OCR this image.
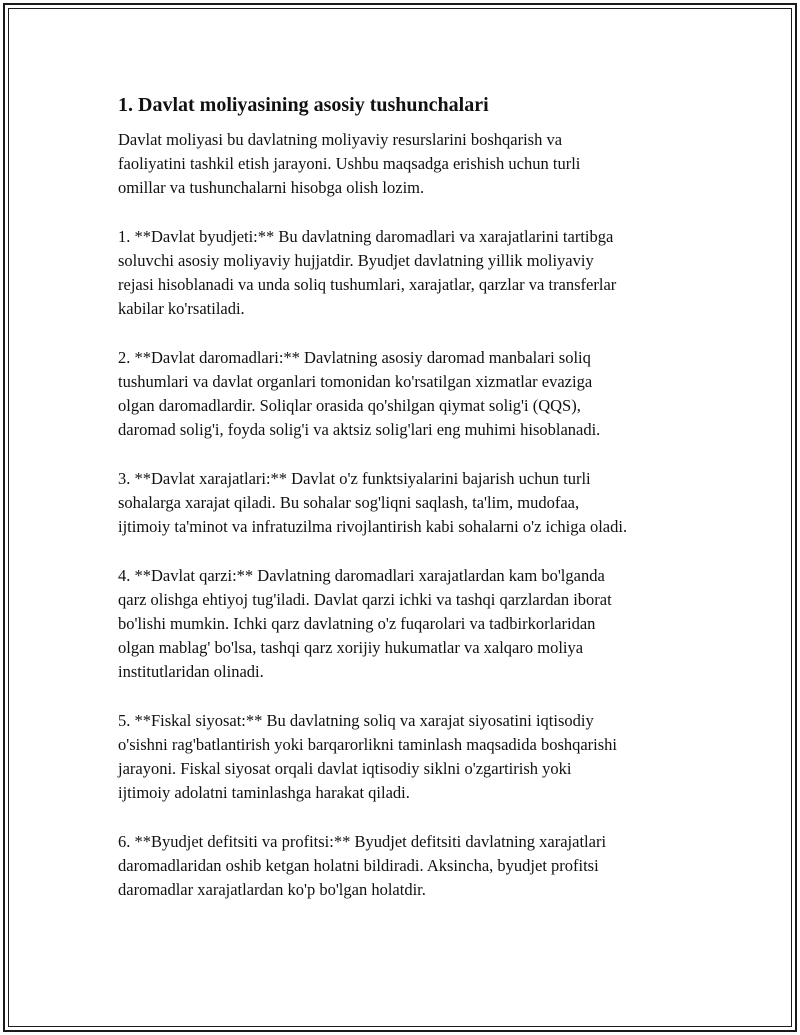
1. Davlat moliyasining asosiy tushunchalari
Davlat moliyasi bu davlatning moliyaviy resurslarini boshqarish va
faoliyatini tashkil etish jarayoni. Ushbu maqsadga erishish uchun turli
omillar va tushunchalarni hisobga olish lozim.
1. **Davlat byudjeti:** Bu davlatning daromadlari va xarajatlarini tartibga
soluvchi asosiy moliyaviy hujjatdir. Byudjet davlatning yillik moliyaviy
rejasi hisoblanadi va unda soliq tushumlari, xarajatlar, qarzlar va transferlar
kabilar ko'rsatiladi.
2. **Davlat daromadlari:** Davlatning asosiy daromad manbalari soliq
tushumlari va davlat organlari tomonidan ko'rsatilgan xizmatlar evaziga
olgan daromadlardir. Soliqlar orasida qo'shilgan qiymat solig'i (QQS),
daromad solig'i, foyda solig'i va aktsiz solig'lari eng muhimi hisoblanadi.
3. **Davlat xarajatlari:** Davlat o'z funktsiyalarini bajarish uchun turli
sohalarga xarajat qiladi. Bu sohalar sog'liqni saqlash, ta'lim, mudofaa,
ijtimoiy ta'minot va infratuzilma rivojlantirish kabi sohalarni o'z ichiga oladi.
4. **Davlat qarzi:** Davlatning daromadlari xarajatlardan kam bo'lganda
qarz olishga ehtiyoj tug'iladi. Davlat qarzi ichki va tashqi qarzlardan iborat
bo'lishi mumkin. Ichki qarz davlatning o'z fuqarolari va tadbirkorlaridan
olgan mablag' bo'lsa, tashqi qarz xorijiy hukumatlar va xalqaro moliya
institutlaridan olinadi.
5. **Fiskal siyosat:** Bu davlatning soliq va xarajat siyosatini iqtisodiy
o'sishni rag'batlantirish yoki barqarorlikni taminlash maqsadida boshqarishi
jarayoni. Fiskal siyosat orqali davlat iqtisodiy siklni o'zgartirish yoki
ijtimoiy adolatni taminlashga harakat qiladi.
6. **Byudjet defitsiti va profitsi:** Byudjet defitsiti davlatning xarajatlari
daromadlaridan oshib ketgan holatni bildiradi. Aksincha, byudjet profitsi
daromadlar xarajatlardan ko'p bo'lgan holatdir.
